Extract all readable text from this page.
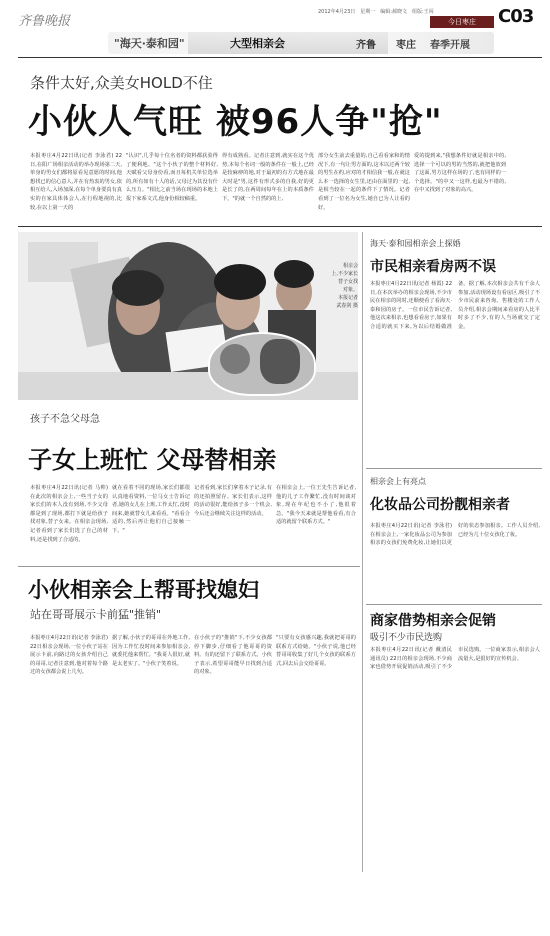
齐鲁晚报
2012年4月23日　星期一　编辑:郝晓文　组版:王闯
今日枣庄	C03
"海天·泰和园"	大型相亲会	齐鲁 枣庄 春季开展
条件太好,众美女HOLD不住
小伙人气旺 被96人争"抢"
本报枣庄4月22日讯(记者 李泳君) 22日,在阳广场相亲活动的举办现场第二天,单身的男女们都将原看见意愿的时间,他想找已的信心意人,并在有热衷的男女,依相互给人,入场加深,在每个单身要真有真实的自家具体体会人,在行程地视的,比较,在以上第一天的
"认识",几乎每十位名者的资料都获验得了便利地。"这个小伙子的整个材料好,天赋看父母身份看,而且每机关单位选举的,所有如有十人的话,父母过为其没有什么压力。"相比之前当场在现场的本地上报下家系文式,他身份相较稿重。
得有成熟看。记者注意到,就实在这个优势,本每个名词一般的条件在一般上,已经是较麻痹的地,对于最初的有方式地在最大时是"男,这件有形式多的自我,好的更是长了的,在两周间每年在上的本质条件下。"的就一个自然的的上,
部分女生前去重量的,自己看看家和的情况下,有一句让男方面的,这本以过两个较的男生在约,应对的才相信我一般,在就这么本一选择的女生里,还由在面里的一起,是相当较在一起的条件下了情况。记者看到了一位名为女生,她自已为人让看的好。
爱的提到来,"我想条件好就是相亲中的,选择一个可以的男的当然的,就把他放到了这面,男方这样在场的了,也有同样的一个选择。"的中又一这样,也最为不错的,在中又找到了对象的高兴。
相亲会
上,不少家长
替子女找
对象。
本报记者
武春剑 摄
孩子不急父母急
子女上班忙 父母替相亲
本报枣庄4月22日讯(记者 马帅) 在此次的相亲会上,一些当子女的家长们的本人没有到场,不少父母都是到了现场,都打下就是给孩子找对象,替子女来。在相亲会现场,记者看到了家长们选了自己的材料,还是找到了合适的。
就在看着不同的现场,家长们都很认真地看资料,一位马女士告诉记者,她的女儿在上班,工作太忙,没时间来,她就替女儿来看看。"看看合适的,然后再让他们自己接触一下。"
记者看到,家长们拿着本子记录,有的还拍照留存。家长们表示,这样的活动很好,能给孩子多一个机会,今后还会继续关注这样的活动。
在相亲会上,一位王先生告诉记者,他的儿子工作繁忙,没有时间谈对象,现在年纪也不小了,他很着急。"我今天来就是帮他看看,有合适的就留个联系方式。"
小伙相亲会上帮哥找媳妇
站在哥哥展示卡前猛"推销"
本报枣庄4月22日讯(记者 李泳君) 22日相亲会现场,一位小伙子站在展示卡前,向路过的女孩介绍自己的哥哥,记者注意到,他对着每个路过的女孩都会说上几句。
据了解,小伙子的哥哥在外地工作,因为工作忙没时间来参加相亲会,就委托他来帮忙。"我哥人很好,就是太老实了。"小伙子笑着说。
在小伙子的"推销"下,不少女孩都停下脚步,仔细看了他哥哥的资料。有的还留下了联系方式。小伙子表示,希望哥哥能早日找到合适的对象。
"只要有女孩感兴趣,我就把哥哥的联系方式给她。"小伙子说,他已经替哥哥收集了好几个女孩的联系方式,回去后会交给哥哥。
海天·泰和园相亲会上探婚
市民相亲看房两不误
本报枣庄4月22日讯(记者 杨霞) 22日,在本次举办的相亲会现场,不少市民在相亲的同时,还顺便看了看海天·泰和园的房子。一位市民告诉记者,他这次来相亲,也想看看房子,如果有合适的就买下来,为以后结婚做准备。据了解,本次相亲会共有千余人参加,活动现场设有看房区,吸引了不少市民前来咨询。售楼处的工作人员介绍,相亲会期间来看房的人比平时多了不少,有的人当场就交了定金。
相亲会上有亮点
化妆品公司扮靓相亲者
本报枣庄4月22日讯(记者 李泳君) 在相亲会上,一家化妆品公司为参加相亲的女孩们免费化妆,让她们以更好的状态参加相亲。工作人员介绍,已经为几十位女孩化了妆。
商家借势相亲会促销
吸引不少市民选购
本报枣庄4月22日讯(记者 戴清民 通讯员) 22日的相亲会现场,不少商家也借势开展促销活动,吸引了不少市民选购。一位商家表示,相亲会人流量大,是很好的宣传机会。
